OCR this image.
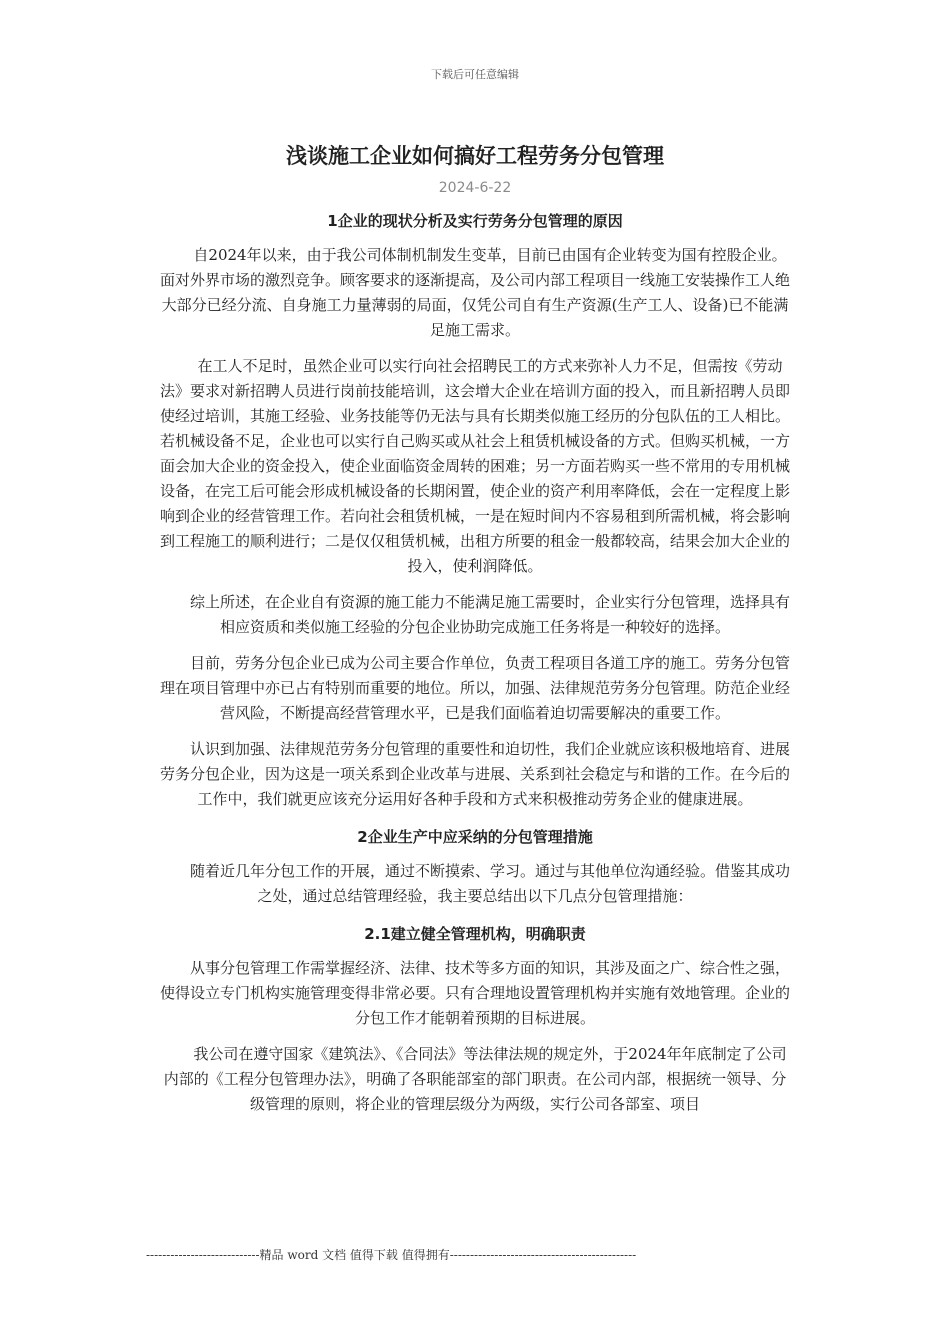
下载后可任意编辑
浅谈施工企业如何搞好工程劳务分包管理
2024-6-22
1企业的现状分析及实行劳务分包管理的原因

自2024年以来，由于我公司体制机制发生变革，目前已由国有企业转变为国有控股企业。面对外界市场的激烈竞争。顾客要求的逐渐提高，及公司内部工程项目一线施工安装操作工人绝大部分已经分流、自身施工力量薄弱的局面，仅凭公司自有生产资源(生产工人、设备)已不能满足施工需求。

在工人不足时，虽然企业可以实行向社会招聘民工的方式来弥补人力不足，但需按《劳动法》要求对新招聘人员进行岗前技能培训，这会增大企业在培训方面的投入，而且新招聘人员即使经过培训，其施工经验、业务技能等仍无法与具有长期类似施工经历的分包队伍的工人相比。若机械设备不足，企业也可以实行自己购买或从社会上租赁机械设备的方式。但购买机械，一方面会加大企业的资金投入，使企业面临资金周转的困难；另一方面若购买一些不常用的专用机械设备，在完工后可能会形成机械设备的长期闲置，使企业的资产利用率降低，会在一定程度上影响到企业的经营管理工作。若向社会租赁机械，一是在短时间内不容易租到所需机械，将会影响到工程施工的顺利进行；二是仅仅租赁机械，出租方所要的租金一般都较高，结果会加大企业的投入，使利润降低。

综上所述，在企业自有资源的施工能力不能满足施工需要时，企业实行分包管理，选择具有相应资质和类似施工经验的分包企业协助完成施工任务将是一种较好的选择。

目前，劳务分包企业已成为公司主要合作单位，负责工程项目各道工序的施工。劳务分包管理在项目管理中亦已占有特别而重要的地位。所以，加强、法律规范劳务分包管理。防范企业经营风险，不断提高经营管理水平，已是我们面临着迫切需要解决的重要工作。

认识到加强、法律规范劳务分包管理的重要性和迫切性，我们企业就应该积极地培育、进展劳务分包企业，因为这是一项关系到企业改革与进展、关系到社会稳定与和谐的工作。在今后的工作中，我们就更应该充分运用好各种手段和方式来积极推动劳务企业的健康进展。

2企业生产中应采纳的分包管理措施

随着近几年分包工作的开展，通过不断摸索、学习。通过与其他单位沟通经验。借鉴其成功之处，通过总结管理经验，我主要总结出以下几点分包管理措施：

2.1建立健全管理机构，明确职责

从事分包管理工作需掌握经济、法律、技术等多方面的知识，其涉及面之广、综合性之强，使得设立专门机构实施管理变得非常必要。只有合理地设置管理机构并实施有效地管理。企业的分包工作才能朝着预期的目标进展。

我公司在遵守国家《建筑法》、《合同法》等法律法规的规定外，于2024年年底制定了公司内部的《工程分包管理办法》，明确了各职能部室的部门职责。在公司内部，根据统一领导、分级管理的原则，将企业的管理层级分为两级，实行公司各部室、项目

----------------------------精品 word 文档 值得下载 值得拥有----------------------------------------------
